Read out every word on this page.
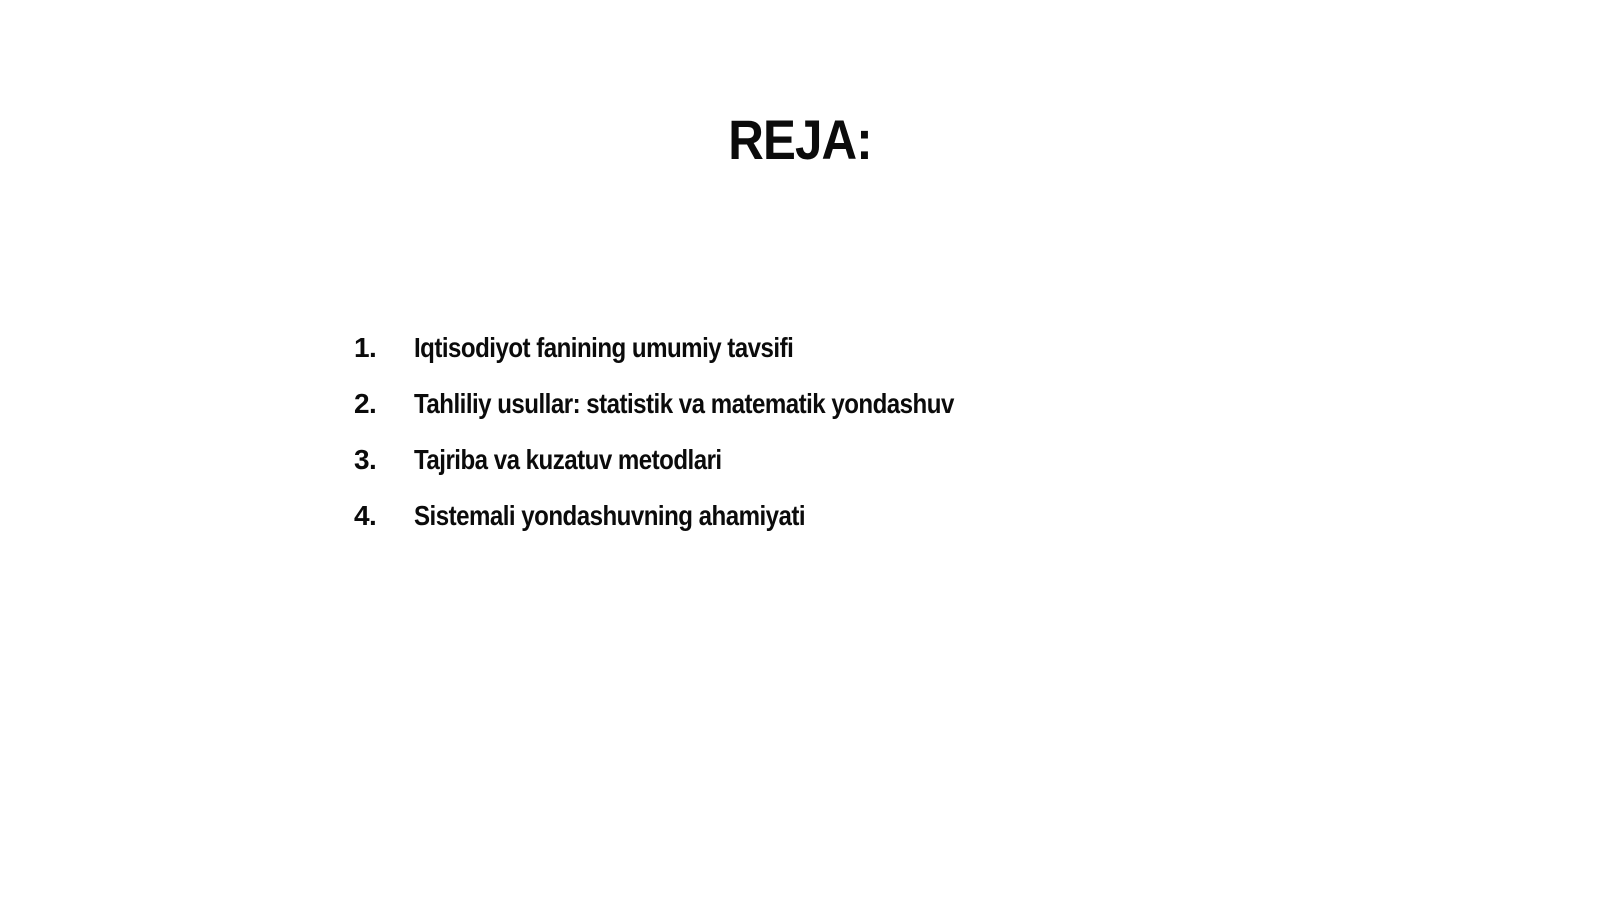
REJA:
1.	Iqtisodiyot fanining umumiy tavsifi
2.	Tahliliy usullar: statistik va matematik yondashuv
3.	Tajriba va kuzatuv metodlari
4.	Sistemali yondashuvning ahamiyati
